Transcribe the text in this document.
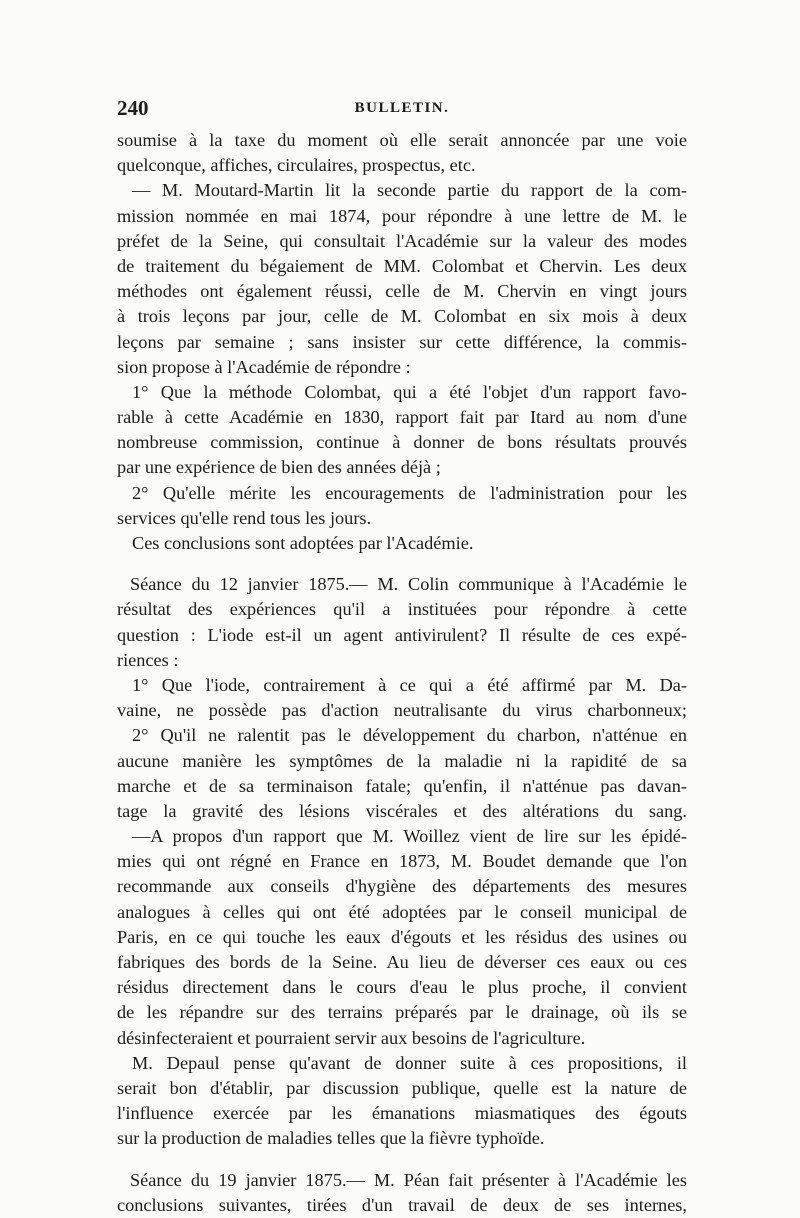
240	BULLETIN.
soumise à la taxe du moment où elle serait annoncée par une voie
quelconque, affiches, circulaires, prospectus, etc.
— M. Moutard-Martin lit la seconde partie du rapport de la com-
mission nommée en mai 1874, pour répondre à une lettre de M. le
préfet de la Seine, qui consultait l'Académie sur la valeur des modes
de traitement du bégaiement de MM. Colombat et Chervin. Les deux
méthodes ont également réussi, celle de M. Chervin en vingt jours
à trois leçons par jour, celle de M. Colombat en six mois à deux
leçons par semaine ; sans insister sur cette différence, la commis-
sion propose à l'Académie de répondre :
1° Que la méthode Colombat, qui a été l'objet d'un rapport favo-
rable à cette Académie en 1830, rapport fait par Itard au nom d'une
nombreuse commission, continue à donner de bons résultats prouvés
par une expérience de bien des années déjà ;
2° Qu'elle mérite les encouragements de l'administration pour les
services qu'elle rend tous les jours.
Ces conclusions sont adoptées par l'Académie.
Séance du 12 janvier 1875.— M. Colin communique à l'Académie le
résultat des expériences qu'il a instituées pour répondre à cette
question : L'iode est-il un agent antivirulent? Il résulte de ces expé-
riences :
1° Que l'iode, contrairement à ce qui a été affirmé par M. Da-
vaine, ne possède pas d'action neutralisante du virus charbonneux;
2° Qu'il ne ralentit pas le développement du charbon, n'atténue en
aucune manière les symptômes de la maladie ni la rapidité de sa
marche et de sa terminaison fatale; qu'enfin, il n'atténue pas davan-
tage la gravité des lésions viscérales et des altérations du sang.
—A propos d'un rapport que M. Woillez vient de lire sur les épidé-
mies qui ont régné en France en 1873, M. Boudet demande que l'on
recommande aux conseils d'hygiène des départements des mesures
analogues à celles qui ont été adoptées par le conseil municipal de
Paris, en ce qui touche les eaux d'égouts et les résidus des usines ou
fabriques des bords de la Seine. Au lieu de déverser ces eaux ou ces
résidus directement dans le cours d'eau le plus proche, il convient
de les répandre sur des terrains préparés par le drainage, où ils se
désinfecteraient et pourraient servir aux besoins de l'agriculture.
M. Depaul pense qu'avant de donner suite à ces propositions, il
serait bon d'établir, par discussion publique, quelle est la nature de
l'influence exercée par les émanations miasmatiques des égouts
sur la production de maladies telles que la fièvre typhoïde.
Séance du 19 janvier 1875.— M. Péan fait présenter à l'Académie les
conclusions suivantes, tirées d'un travail de deux de ses internes,
